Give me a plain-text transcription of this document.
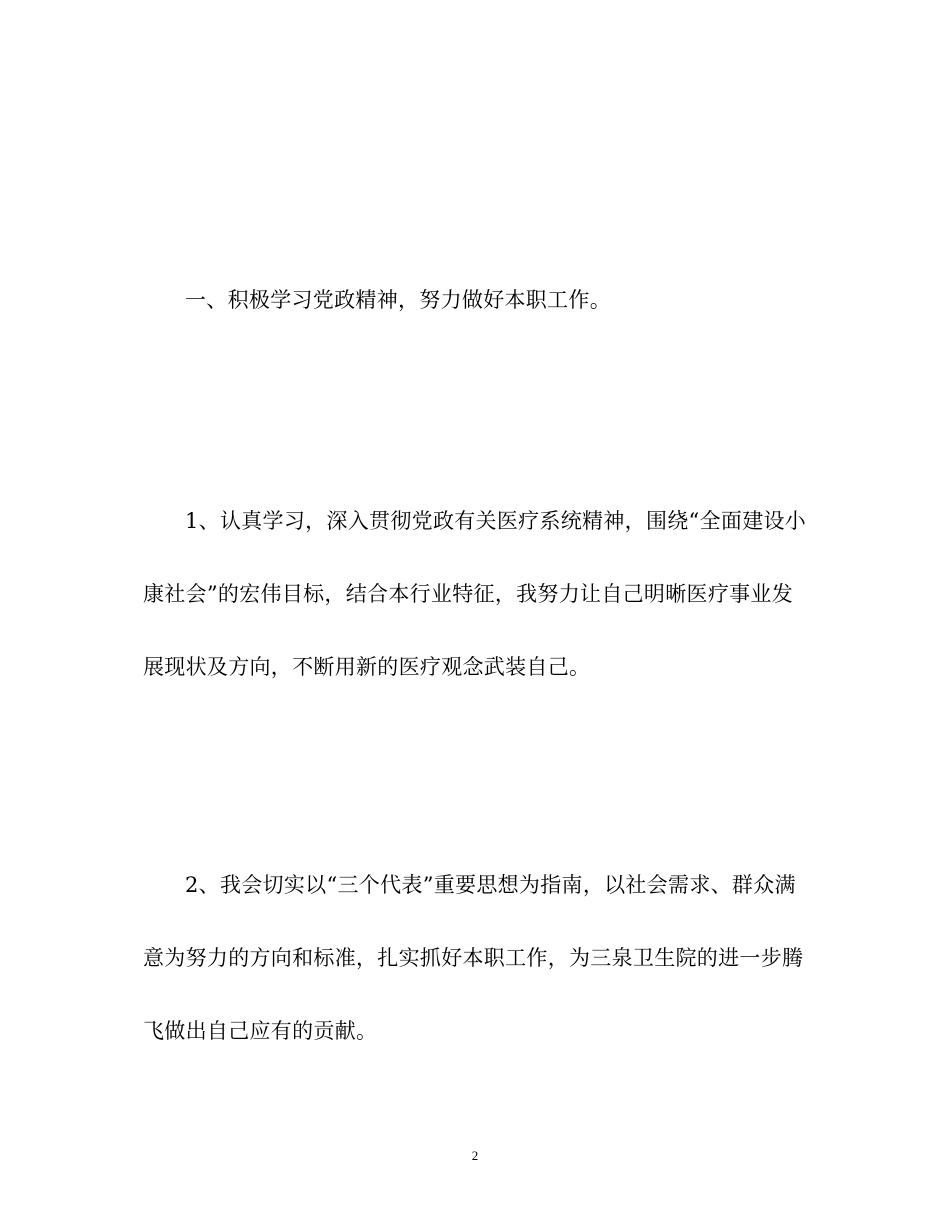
一、积极学习党政精神，努力做好本职工作。

1、认真学习，深入贯彻党政有关医疗系统精神，围绕“全面建设小康社会”的宏伟目标，结合本行业特征，我努力让自己明晰医疗事业发展现状及方向，不断用新的医疗观念武装自己。

2、我会切实以“三个代表”重要思想为指南，以社会需求、群众满意为努力的方向和标准，扎实抓好本职工作，为三泉卫生院的进一步腾飞做出自己应有的贡献。

2
